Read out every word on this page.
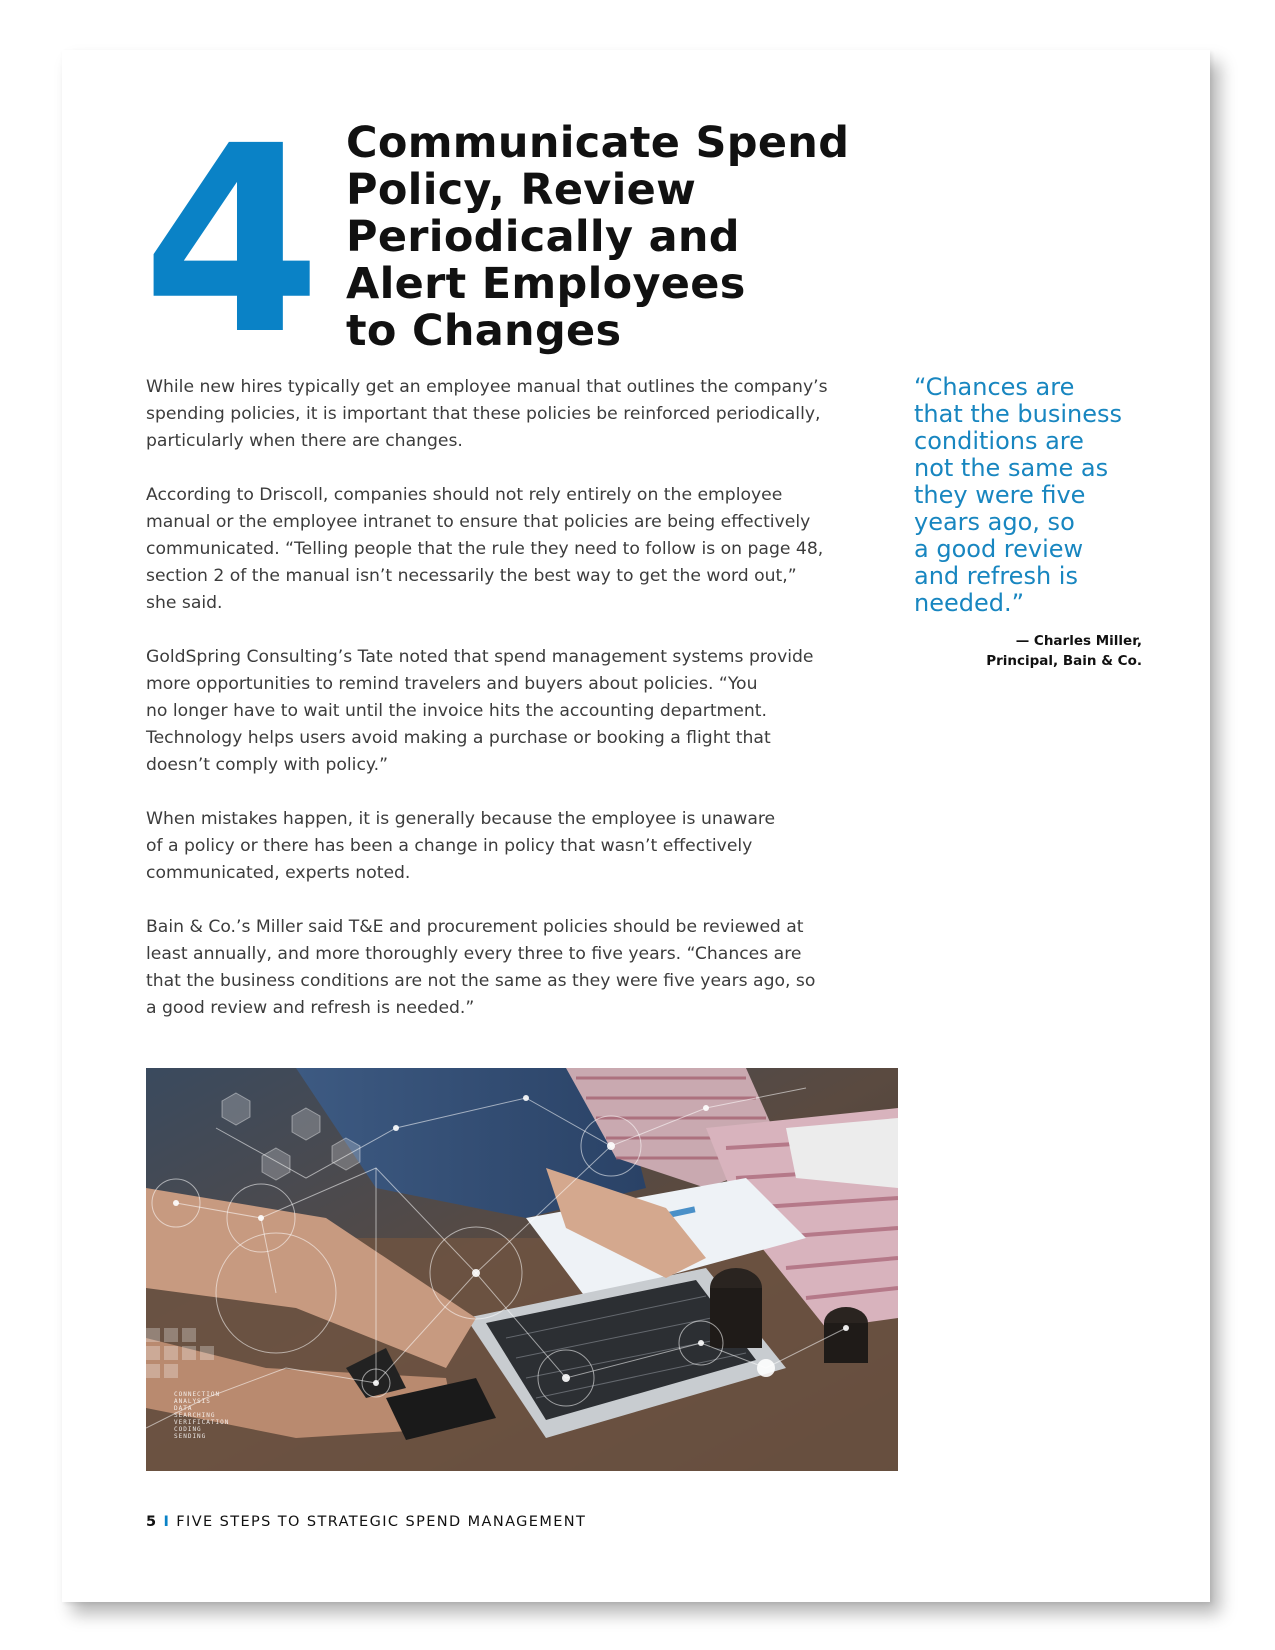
4 Communicate Spend
Policy, Review
Periodically and
Alert Employees
to Changes

While new hires typically get an employee manual that outlines the company’s
spending policies, it is important that these policies be reinforced periodically,
particularly when there are changes.

According to Driscoll, companies should not rely entirely on the employee
manual or the employee intranet to ensure that policies are being effectively
communicated. “Telling people that the rule they need to follow is on page 48,
section 2 of the manual isn’t necessarily the best way to get the word out,”
she said.

GoldSpring Consulting’s Tate noted that spend management systems provide
more opportunities to remind travelers and buyers about policies. “You
no longer have to wait until the invoice hits the accounting department.
Technology helps users avoid making a purchase or booking a flight that
doesn’t comply with policy.”

When mistakes happen, it is generally because the employee is unaware
of a policy or there has been a change in policy that wasn’t effectively
communicated, experts noted.

Bain & Co.’s Miller said T&E and procurement policies should be reviewed at
least annually, and more thoroughly every three to five years. “Chances are
that the business conditions are not the same as they were five years ago, so
a good review and refresh is needed.”

“Chances are
that the business
conditions are
not the same as
they were five
years ago, so
a good review
and refresh is
needed.”

— Charles Miller,
Principal, Bain & Co.
CONNECTION
ANALYSIS
DATA
SEARCHING
VERIFICATION
CODING
SENDING
5 I FIVE STEPS TO STRATEGIC SPEND MANAGEMENT
